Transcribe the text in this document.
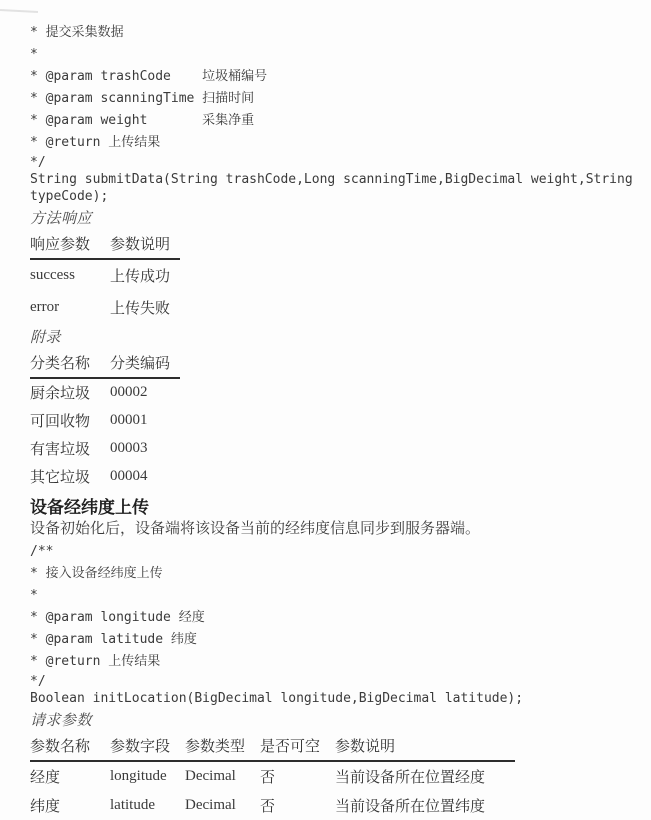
* 提交采集数据
*
* @param trashCode    垃圾桶编号
* @param scanningTime 扫描时间
* @param weight       采集净重
* @return 上传结果
*/
String submitData(String trashCode,Long scanningTime,BigDecimal weight,String
typeCode);
方法响应
响应参数	参数说明
success	上传成功
error	上传失败
附录
分类名称	分类编码
厨余垃圾	00002
可回收物	00001
有害垃圾	00003
其它垃圾	00004
设备经纬度上传
设备初始化后，设备端将该设备当前的经纬度信息同步到服务器端。
/**
* 接入设备经纬度上传
*
* @param longitude 经度
* @param latitude 纬度
* @return 上传结果
*/
Boolean initLocation(BigDecimal longitude,BigDecimal latitude);
请求参数
参数名称	参数字段	参数类型	是否可空	参数说明
经度	longitude	Decimal	否	当前设备所在位置经度
纬度	latitude	Decimal	否	当前设备所在位置纬度
